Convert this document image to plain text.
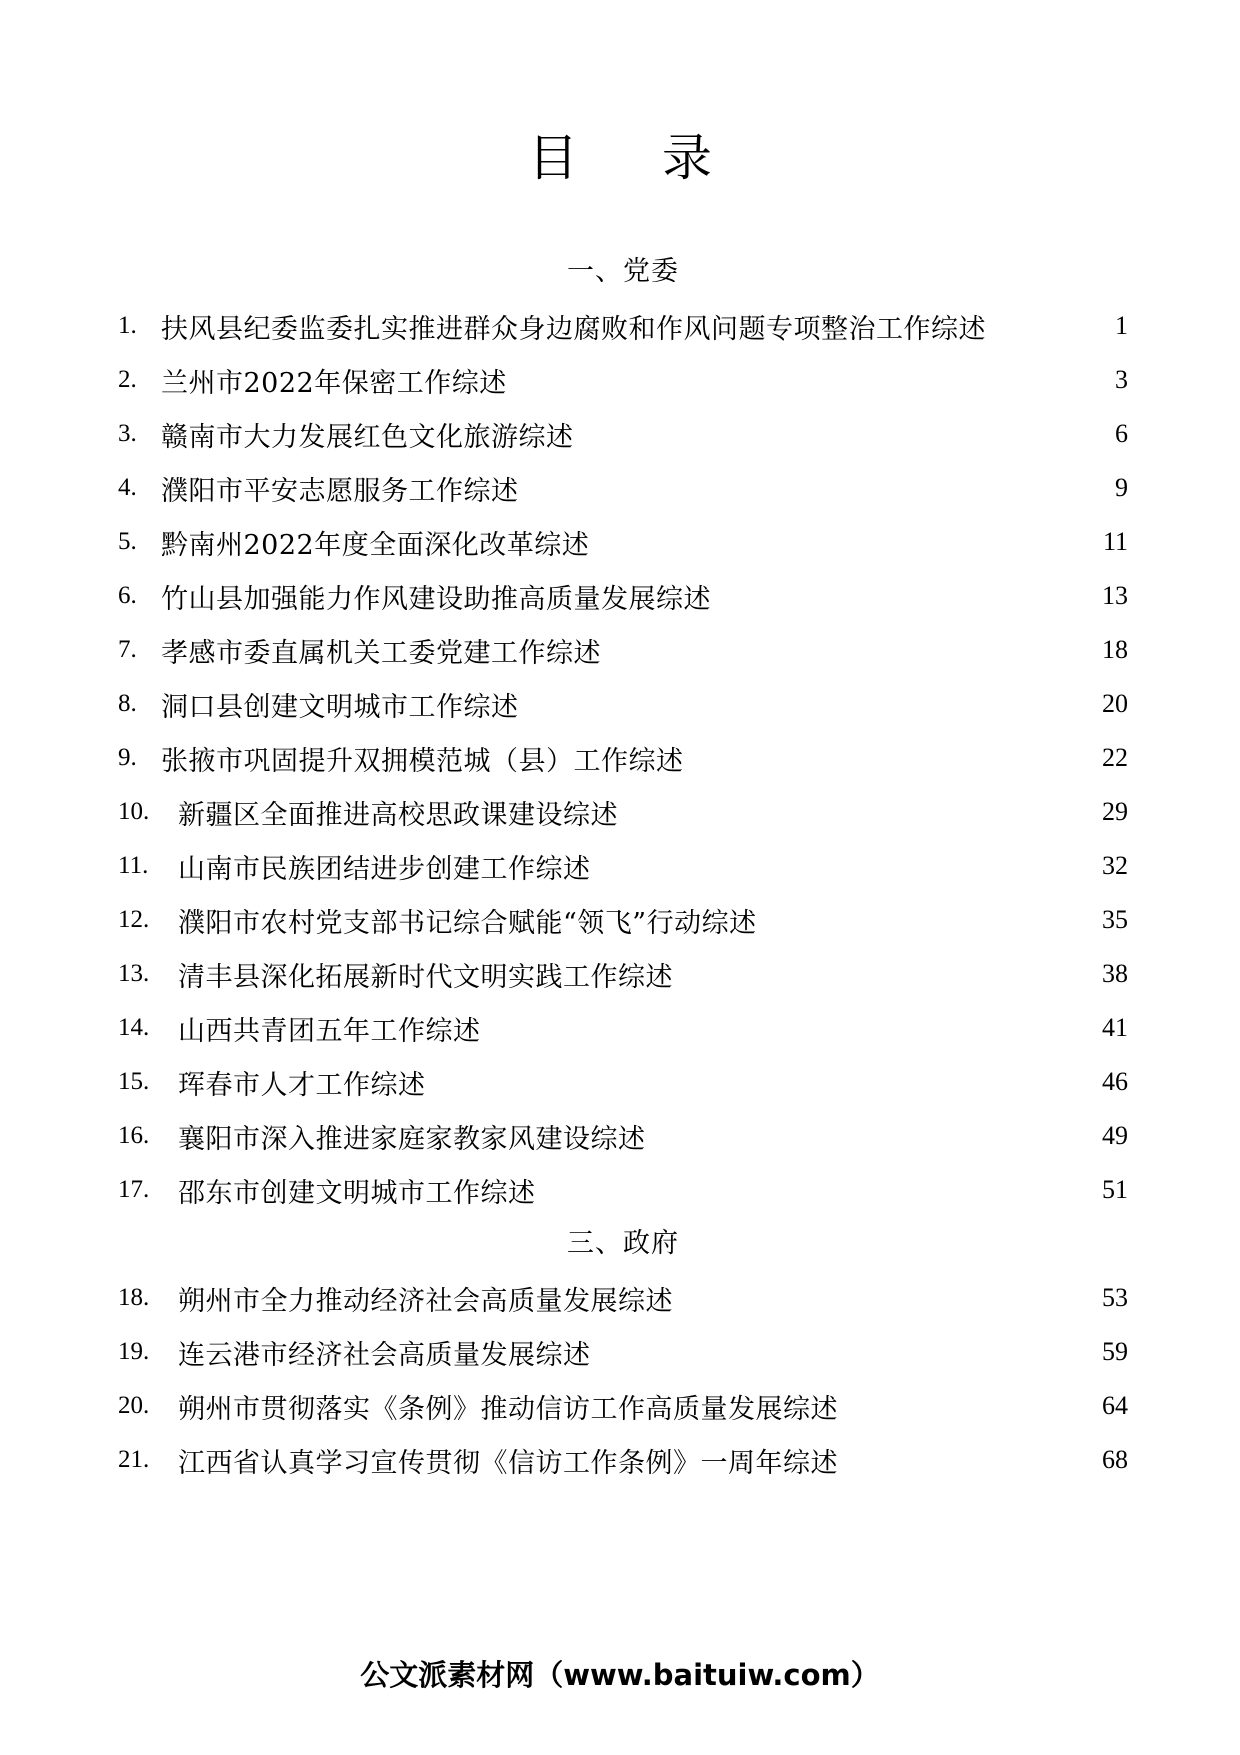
目 录
一、党委
1. 扶风县纪委监委扎实推进群众身边腐败和作风问题专项整治工作综述	1
2. 兰州市2022年保密工作综述	3
3. 赣南市大力发展红色文化旅游综述	6
4. 濮阳市平安志愿服务工作综述	9
5. 黔南州2022年度全面深化改革综述	11
6. 竹山县加强能力作风建设助推高质量发展综述	13
7. 孝感市委直属机关工委党建工作综述	18
8. 洞口县创建文明城市工作综述	20
9. 张掖市巩固提升双拥模范城（县）工作综述	22
10.	新疆区全面推进高校思政课建设综述	29
11.	山南市民族团结进步创建工作综述	32
12.	濮阳市农村党支部书记综合赋能“领飞”行动综述	35
13.	清丰县深化拓展新时代文明实践工作综述	38
14.	山西共青团五年工作综述	41
15.	珲春市人才工作综述	46
16.	襄阳市深入推进家庭家教家风建设综述	49
17.	邵东市创建文明城市工作综述	51
三、政府
18.	朔州市全力推动经济社会高质量发展综述	53
19.	连云港市经济社会高质量发展综述	59
20.	朔州市贯彻落实《条例》推动信访工作高质量发展综述	64
21.	江西省认真学习宣传贯彻《信访工作条例》一周年综述	68
公文派素材网（www.baituiw.com）
